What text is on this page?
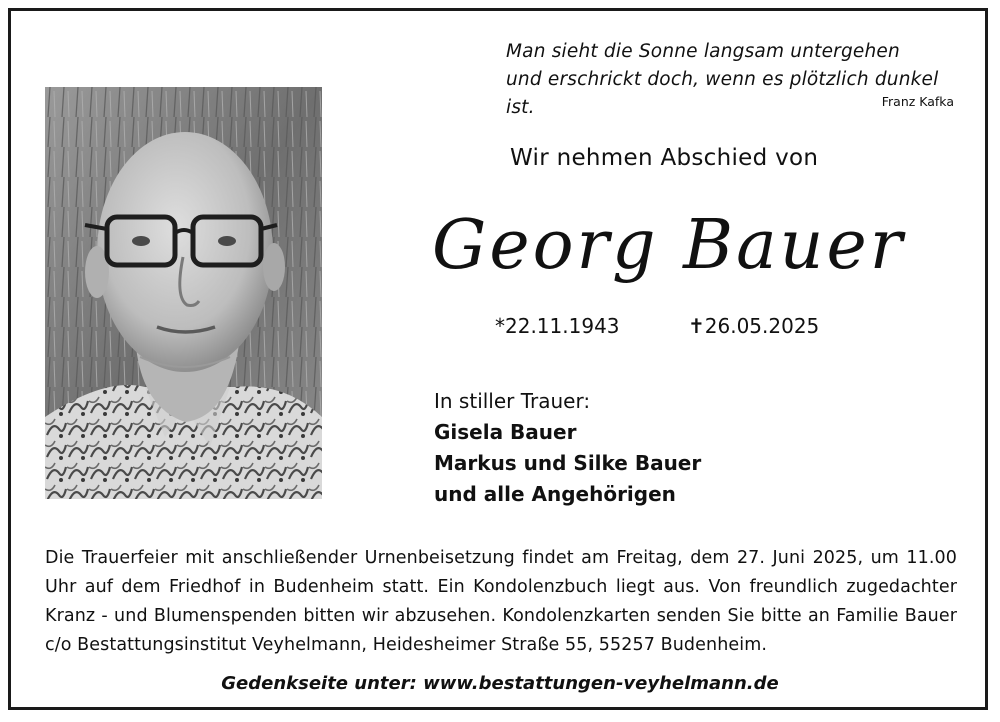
Man sieht die Sonne langsam untergehen
und erschrickt doch, wenn es plötzlich dunkel ist.	Franz Kafka
Wir nehmen Abschied von
Georg Bauer
*22.11.1943	✝26.05.2025
In stiller Trauer:
Gisela Bauer
Markus und Silke Bauer
und alle Angehörigen
Die Trauerfeier mit anschließender Urnenbeisetzung findet am Freitag, dem 27. Juni 2025, um 11.00 Uhr auf dem Friedhof in Budenheim statt. Ein Kondolenzbuch liegt aus. Von freundlich zugedachter Kranz - und Blumenspenden bitten wir abzusehen. Kondolenzkarten senden Sie bitte an Familie Bauer c/o Bestattungsinstitut Veyhelmann, Heidesheimer Straße 55, 55257 Budenheim.
Gedenkseite unter: www.bestattungen-veyhelmann.de
